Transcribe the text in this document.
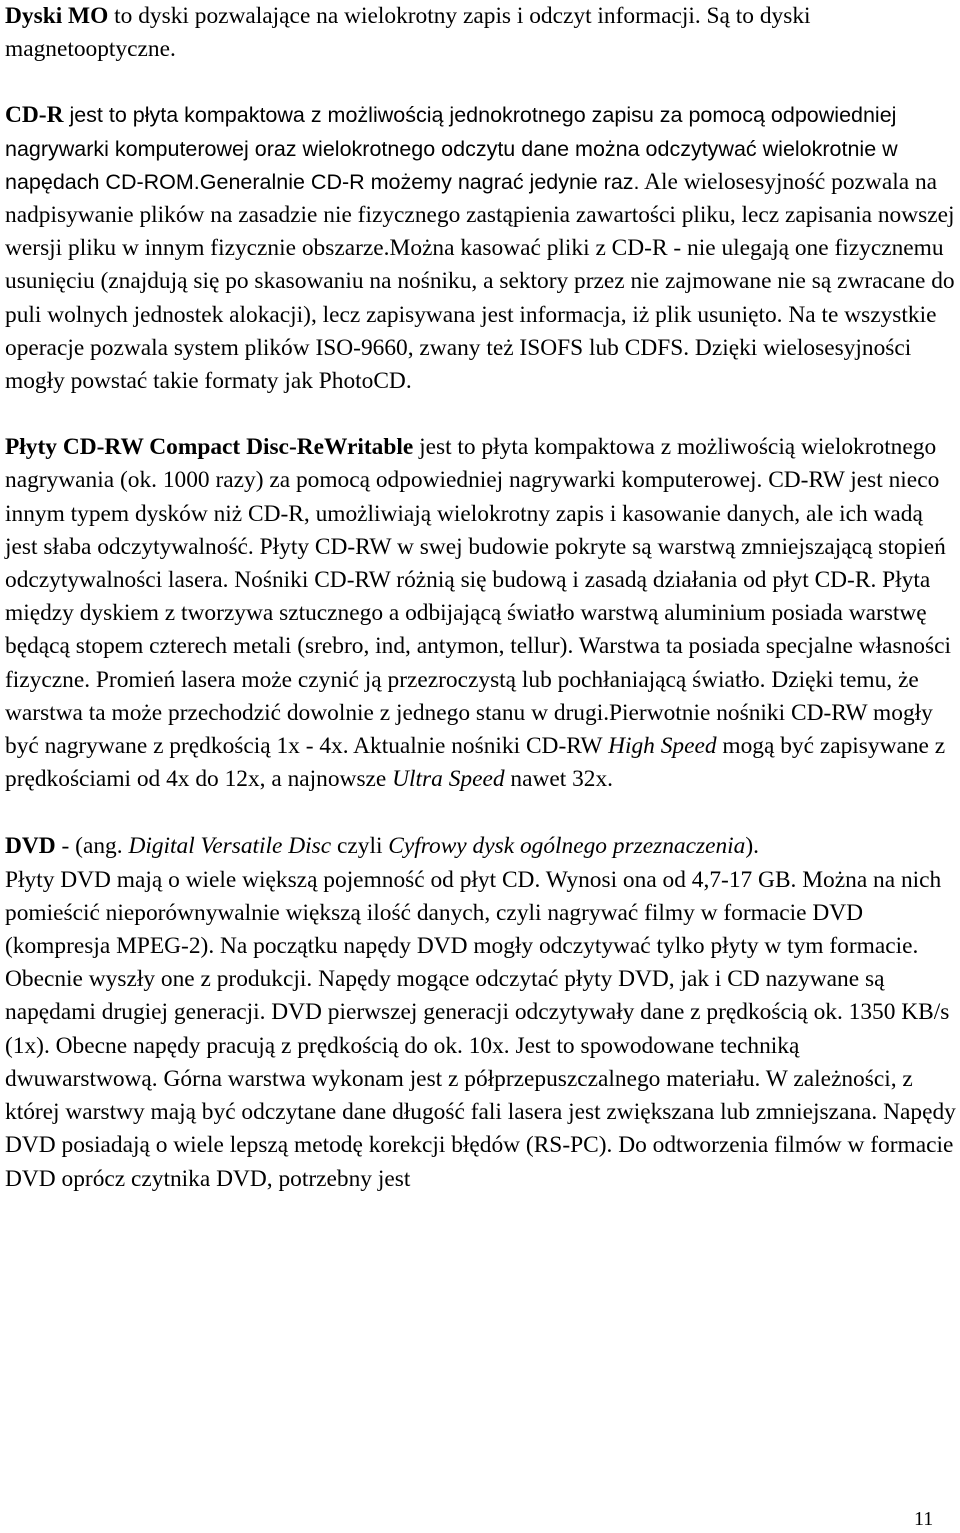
Dyski MO to dyski pozwalające na wielokrotny zapis i odczyt informacji. Są to dyski magnetooptyczne.

CD-R jest to płyta kompaktowa z możliwością jednokrotnego zapisu za pomocą odpowiedniej nagrywarki komputerowej oraz wielokrotnego odczytu dane można odczytywać wielokrotnie w napędach CD-ROM.Generalnie CD-R możemy nagrać jedynie raz. Ale wielosesyjność pozwala na nadpisywanie plików na zasadzie nie fizycznego zastąpienia zawartości pliku, lecz zapisania nowszej wersji pliku w innym fizycznie obszarze.Można kasować pliki z CD-R - nie ulegają one fizycznemu usunięciu (znajdują się po skasowaniu na nośniku, a sektory przez nie zajmowane nie są zwracane do puli wolnych jednostek alokacji), lecz zapisywana jest informacja, iż plik usunięto. Na te wszystkie operacje pozwala system plików ISO-9660, zwany też ISOFS lub CDFS. Dzięki wielosesyjności mogły powstać takie formaty jak PhotoCD.

Płyty CD-RW Compact Disc-ReWritable jest to płyta kompaktowa z możliwością wielokrotnego nagrywania (ok. 1000 razy) za pomocą odpowiedniej nagrywarki komputerowej. CD-RW jest nieco innym typem dysków niż CD-R, umożliwiają wielokrotny zapis i kasowanie danych, ale ich wadą jest słaba odczytywalność. Płyty CD-RW w swej budowie pokryte są warstwą zmniejszającą stopień odczytywalności lasera. Nośniki CD-RW różnią się budową i zasadą działania od płyt CD-R. Płyta między dyskiem z tworzywa sztucznego a odbijającą światło warstwą aluminium posiada warstwę będącą stopem czterech metali (srebro, ind, antymon, tellur). Warstwa ta posiada specjalne własności fizyczne. Promień lasera może czynić ją przezroczystą lub pochłaniającą światło. Dzięki temu, że warstwa ta może przechodzić dowolnie z jednego stanu w drugi.Pierwotnie nośniki CD-RW mogły być nagrywane z prędkością 1x - 4x. Aktualnie nośniki CD-RW High Speed mogą być zapisywane z prędkościami od 4x do 12x, a najnowsze Ultra Speed nawet 32x.

DVD - (ang. Digital Versatile Disc czyli Cyfrowy dysk ogólnego przeznaczenia).

Płyty DVD mają o wiele większą pojemność od płyt CD. Wynosi ona od 4,7-17 GB. Można na nich pomieścić nieporównywalnie większą ilość danych, czyli nagrywać filmy w formacie DVD (kompresja MPEG-2). Na początku napędy DVD mogły odczytywać tylko płyty w tym formacie. Obecnie wyszły one z produkcji. Napędy mogące odczytać płyty DVD, jak i CD nazywane są napędami drugiej generacji. DVD pierwszej generacji odczytywały dane z prędkością ok. 1350 KB/s (1x). Obecne napędy pracują z prędkością do ok. 10x. Jest to spowodowane techniką dwuwarstwową. Górna warstwa wykonam jest z półprzepuszczalnego materiału. W zależności, z której warstwy mają być odczytane dane długość fali lasera jest zwiększana lub zmniejszana. Napędy DVD posiadają o wiele lepszą metodę korekcji błędów (RS-PC). Do odtworzenia filmów w formacie DVD oprócz czytnika DVD, potrzebny jest

11
